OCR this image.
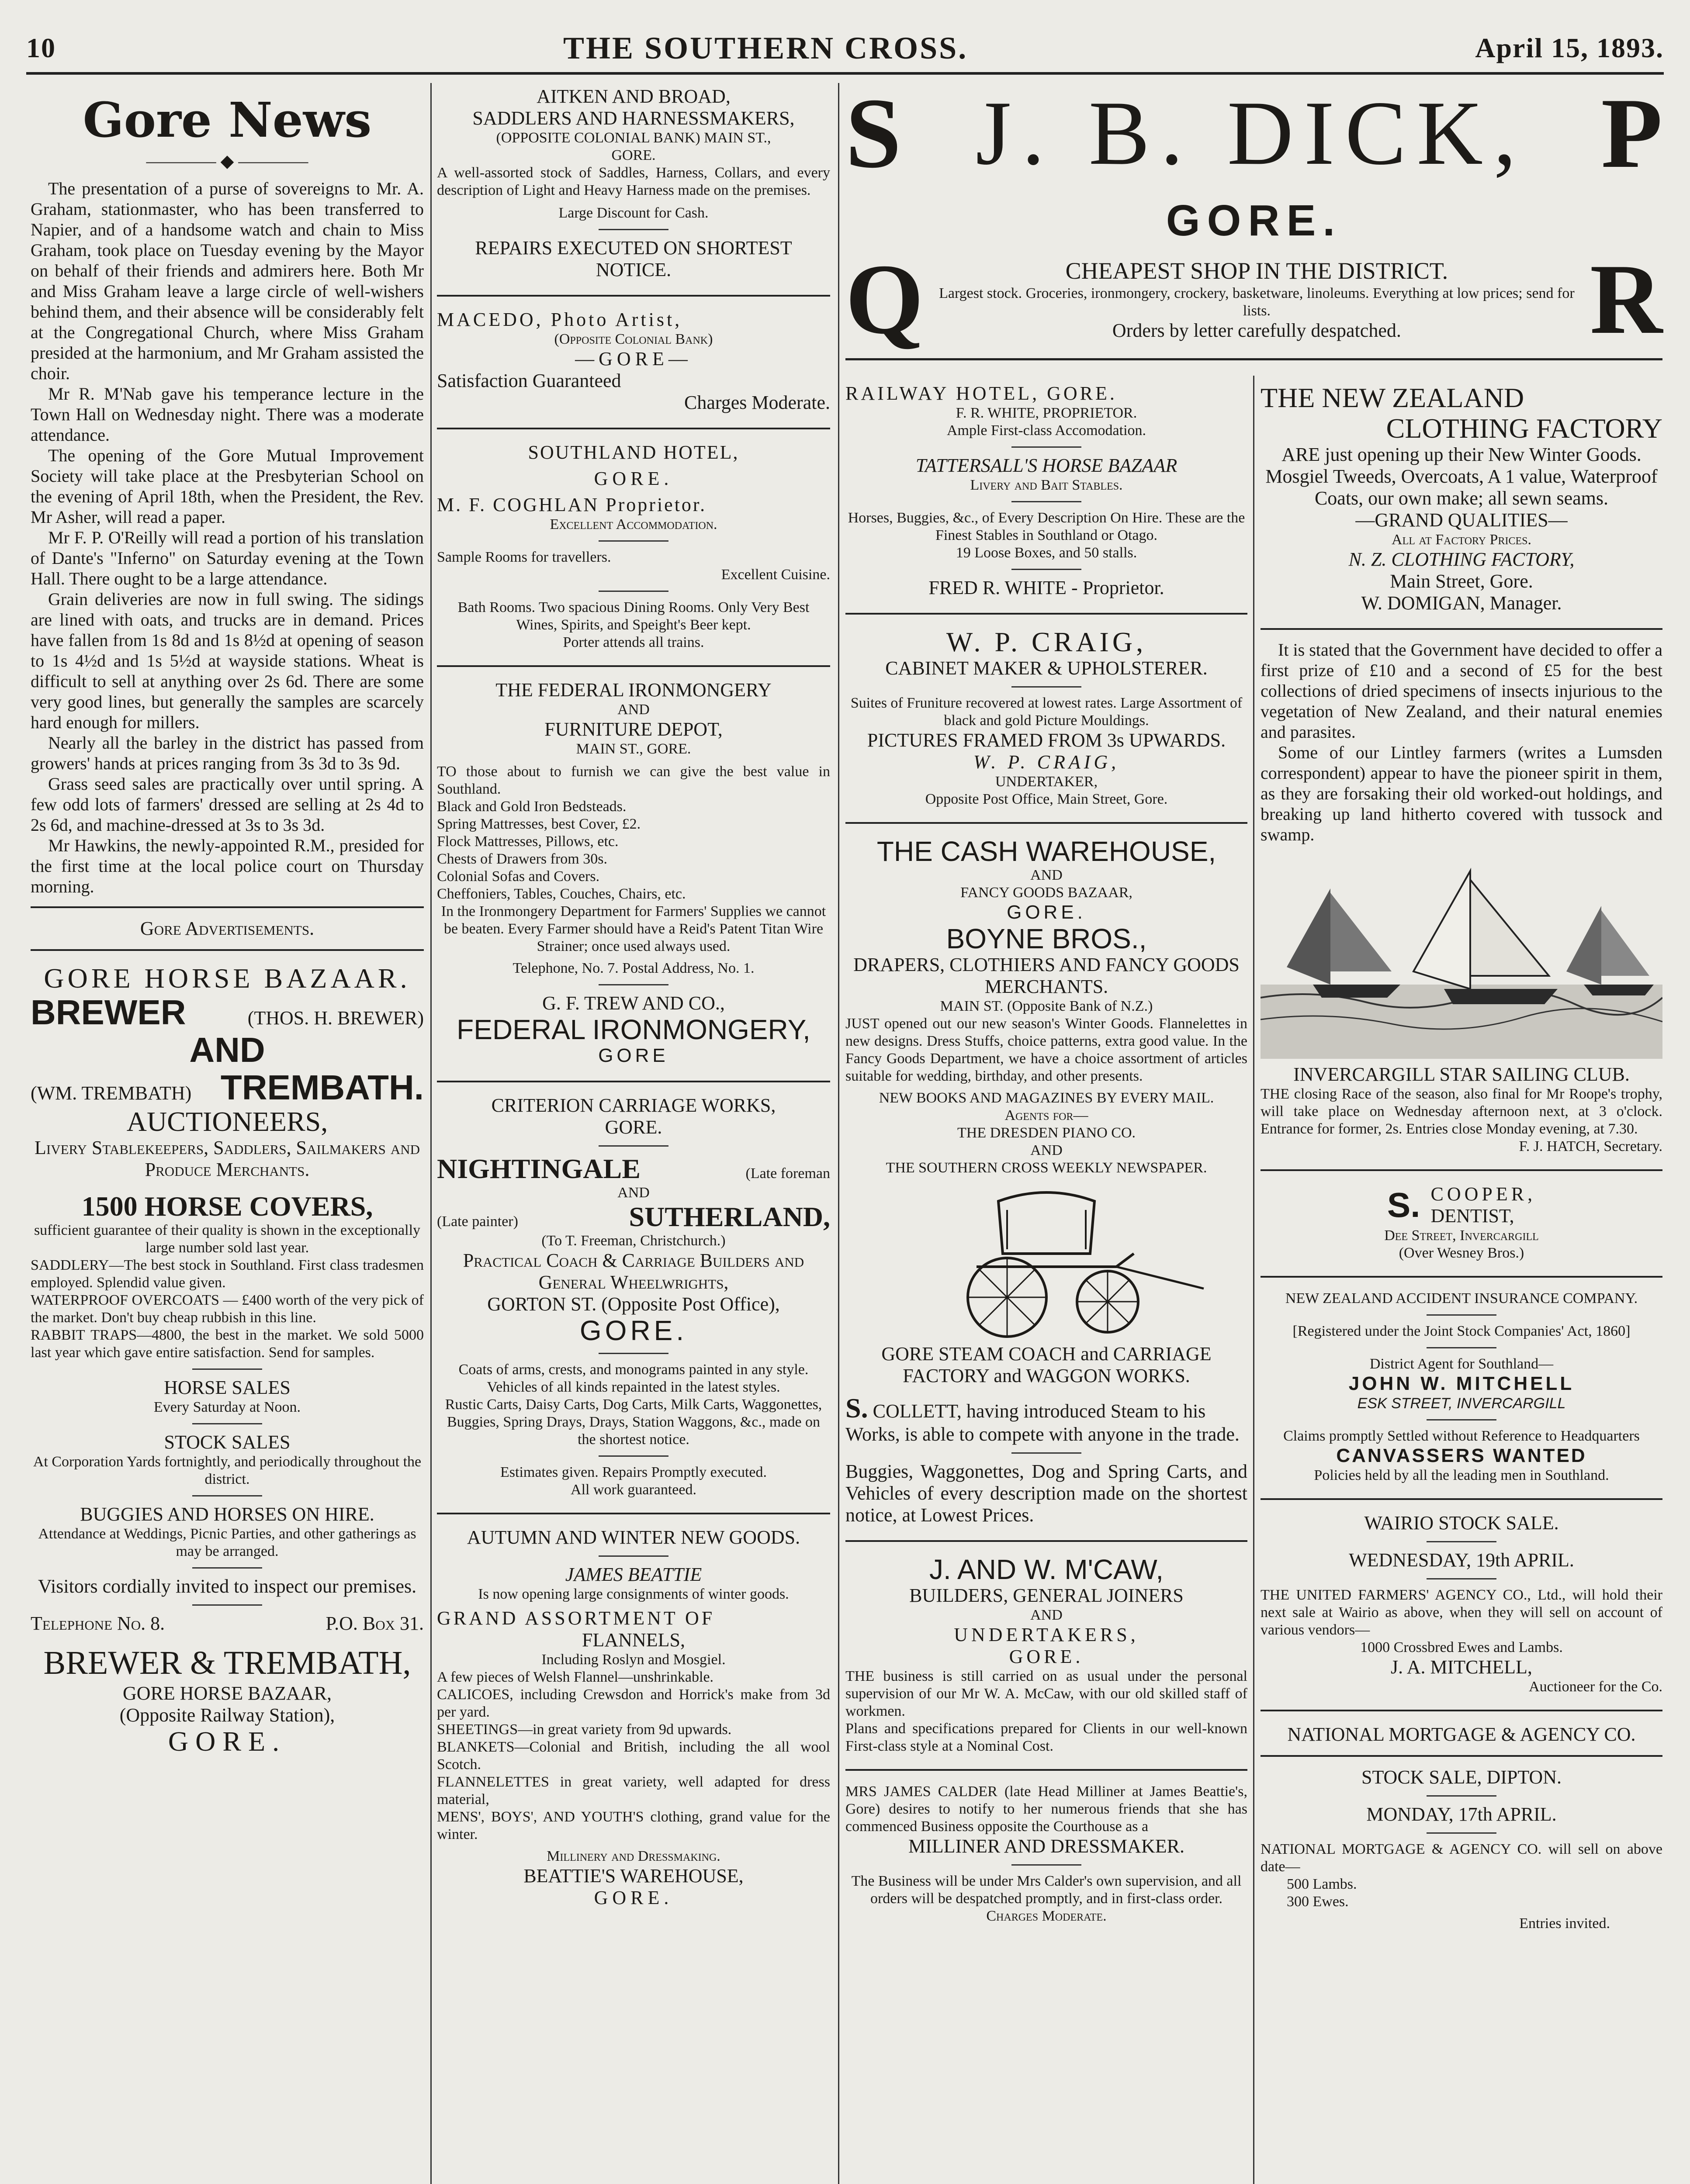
10	THE SOUTHERN CROSS.	April 15, 1893.
Gore News
———— ◆ ————

The presentation of a purse of sovereigns to Mr. A. Graham, stationmaster, who has been transferred to Napier, and of a handsome watch and chain to Miss Graham, took place on Tuesday evening by the Mayor on behalf of their friends and admirers here. Both Mr and Miss Graham leave a large circle of well-wishers behind them, and their absence will be considerably felt at the Congregational Church, where Miss Graham presided at the harmonium, and Mr Graham assisted the choir.

Mr R. M'Nab gave his temperance lecture in the Town Hall on Wednesday night. There was a moderate attendance.

The opening of the Gore Mutual Improvement Society will take place at the Presbyterian School on the evening of April 18th, when the President, the Rev. Mr Asher, will read a paper.

Mr F. P. O'Reilly will read a portion of his translation of Dante's "Inferno" on Saturday evening at the Town Hall. There ought to be a large attendance.

Grain deliveries are now in full swing. The sidings are lined with oats, and trucks are in demand. Prices have fallen from 1s 8d and 1s 8½d at opening of season to 1s 4½d and 1s 5½d at wayside stations. Wheat is difficult to sell at anything over 2s 6d. There are some very good lines, but generally the samples are scarcely hard enough for millers.

Nearly all the barley in the district has passed from growers' hands at prices ranging from 3s 3d to 3s 9d.

Grass seed sales are practically over until spring. A few odd lots of farmers' dressed are selling at 2s 4d to 2s 6d, and machine-dressed at 3s to 3s 3d.

Mr Hawkins, the newly-appointed R.M., presided for the first time at the local police court on Thursday morning.

Gore Advertisements.

GORE HORSE BAZAAR.

BREWER	(THOS. H. BREWER)

AND

(WM. TREMBATH) TREMBATH.

AUCTIONEERS,

Livery Stablekeepers, Saddlers, Sailmakers and Produce Merchants.

1500 HORSE COVERS,

sufficient guarantee of their quality is shown in the exceptionally large number sold last year.

SADDLERY—The best stock in Southland. First class tradesmen employed. Splendid value given.

WATERPROOF OVERCOATS — £400 worth of the very pick of the market. Don't buy cheap rubbish in this line.

RABBIT TRAPS—4800, the best in the market. We sold 5000 last year which gave entire satisfaction. Send for samples.

HORSE SALES

Every Saturday at Noon.

STOCK SALES

At Corporation Yards fortnightly, and periodically throughout the district.

BUGGIES AND HORSES ON HIRE.

Attendance at Weddings, Picnic Parties, and other gatherings as may be arranged.

Visitors cordially invited to inspect our premises.

Telephone No. 8.	P.O. Box 31.

BREWER & TREMBATH,

GORE HORSE BAZAAR,

(Opposite Railway Station),

GORE.

AITKEN AND BROAD,

SADDLERS AND HARNESSMAKERS,

(OPPOSITE COLONIAL BANK) MAIN ST.,

GORE.

A well-assorted stock of Saddles, Harness, Collars, and every description of Light and Heavy Harness made on the premises.

Large Discount for Cash.

REPAIRS EXECUTED ON SHORTEST NOTICE.

MACEDO, Photo Artist,

(Opposite Colonial Bank)

—GORE—

Satisfaction Guaranteed

Charges Moderate.

SOUTHLAND HOTEL,

GORE.

M. F. COGHLAN Proprietor.

Excellent Accommodation.

Sample Rooms for travellers.

Excellent Cuisine.

Bath Rooms. Two spacious Dining Rooms. Only Very Best Wines, Spirits, and Speight's Beer kept.

Porter attends all trains.

THE FEDERAL IRONMONGERY

AND

FURNITURE DEPOT,

MAIN ST., GORE.

TO those about to furnish we can give the best value in Southland.

Black and Gold Iron Bedsteads.

Spring Mattresses, best Cover, £2.

Flock Mattresses, Pillows, etc.

Chests of Drawers from 30s.

Colonial Sofas and Covers.

Cheffoniers, Tables, Couches, Chairs, etc.

In the Ironmongery Department for Farmers' Supplies we cannot be beaten. Every Farmer should have a Reid's Patent Titan Wire Strainer; once used always used.

Telephone, No. 7. Postal Address, No. 1.

G. F. TREW AND CO.,

FEDERAL IRONMONGERY,

GORE

CRITERION CARRIAGE WORKS,

GORE.

NIGHTINGALE	(Late foreman

AND

(Late painter)	SUTHERLAND,

(To T. Freeman, Christchurch.)

Practical Coach & Carriage Builders and General Wheelwrights,

GORTON ST. (Opposite Post Office),

GORE.

Coats of arms, crests, and monograms painted in any style.

Vehicles of all kinds repainted in the latest styles.

Rustic Carts, Daisy Carts, Dog Carts, Milk Carts, Waggonettes, Buggies, Spring Drays, Drays, Station Waggons, &c., made on the shortest notice.

Estimates given. Repairs Promptly executed.

All work guaranteed.

AUTUMN AND WINTER NEW GOODS.

JAMES BEATTIE

Is now opening large consignments of winter goods.

GRAND ASSORTMENT OF

FLANNELS,

Including Roslyn and Mosgiel.

A few pieces of Welsh Flannel—unshrinkable.

CALICOES, including Crewsdon and Horrick's make from 3d per yard.

SHEETINGS—in great variety from 9d upwards.

BLANKETS—Colonial and British, including the all wool Scotch.

FLANNELETTES in great variety, well adapted for dress material,

MENS', BOYS', AND YOUTH'S clothing, grand value for the winter.

Millinery and Dressmaking.

BEATTIE'S WAREHOUSE,

GORE.

S J. B. DICK, P

GORE.

Q	CHEAPEST SHOP IN THE DISTRICT.

Largest stock. Groceries, ironmongery, crockery, basketware, linoleums. Everything at low prices; send for lists.

Orders by letter carefully despatched.	R

RAILWAY HOTEL, GORE.

F. R. WHITE, PROPRIETOR.

Ample First-class Accomodation.

TATTERSALL'S HORSE BAZAAR

Livery and Bait Stables.

Horses, Buggies, &c., of Every Description On Hire. These are the Finest Stables in Southland or Otago.

19 Loose Boxes, and 50 stalls.

FRED R. WHITE - Proprietor.

W. P. CRAIG,

CABINET MAKER & UPHOLSTERER.

Suites of Fruniture recovered at lowest rates. Large Assortment of black and gold Picture Mouldings.

PICTURES FRAMED FROM 3s UPWARDS.

W. P. CRAIG,

UNDERTAKER,

Opposite Post Office, Main Street, Gore.

THE CASH WAREHOUSE,

AND

FANCY GOODS BAZAAR,

GORE.

BOYNE BROS.,

DRAPERS, CLOTHIERS AND FANCY GOODS MERCHANTS.

MAIN ST. (Opposite Bank of N.Z.)

JUST opened out our new season's Winter Goods. Flannelettes in new designs. Dress Stuffs, choice patterns, extra good value. In the Fancy Goods Department, we have a choice assortment of articles suitable for wedding, birthday, and other presents.

NEW BOOKS AND MAGAZINES BY EVERY MAIL.

Agents for—

THE DRESDEN PIANO CO.

AND

THE SOUTHERN CROSS WEEKLY NEWSPAPER.

GORE STEAM COACH and CARRIAGE FACTORY and WAGGON WORKS.

S. COLLETT, having introduced Steam to his Works, is able to compete with anyone in the trade.

Buggies, Waggonettes, Dog and Spring Carts, and Vehicles of every description made on the shortest notice, at Lowest Prices.

J. AND W. M'CAW,

BUILDERS, GENERAL JOINERS

AND

UNDERTAKERS,

GORE.

THE business is still carried on as usual under the personal supervision of our Mr W. A. McCaw, with our old skilled staff of workmen.

Plans and specifications prepared for Clients in our well-known First-class style at a Nominal Cost.

MRS JAMES CALDER (late Head Milliner at James Beattie's, Gore) desires to notify to her numerous friends that she has commenced Business opposite the Courthouse as a

MILLINER AND DRESSMAKER.

The Business will be under Mrs Calder's own supervision, and all orders will be despatched promptly, and in first-class order.

Charges Moderate.

THE NEW ZEALAND

CLOTHING FACTORY

ARE just opening up their New Winter Goods.

Mosgiel Tweeds, Overcoats, A 1 value, Waterproof Coats, our own make; all sewn seams.

—GRAND QUALITIES—

All at Factory Prices.

N. Z. CLOTHING FACTORY,

Main Street, Gore.

W. DOMIGAN, Manager.

It is stated that the Government have decided to offer a first prize of £10 and a second of £5 for the best collections of dried specimens of insects injurious to the vegetation of New Zealand, and their natural enemies and parasites.

Some of our Lintley farmers (writes a Lumsden correspondent) appear to have the pioneer spirit in them, as they are forsaking their old worked-out holdings, and breaking up land hitherto covered with tussock and swamp.

INVERCARGILL STAR SAILING CLUB.

THE closing Race of the season, also final for Mr Roope's trophy, will take place on Wednesday afternoon next, at 3 o'clock. Entrance for former, 2s. Entries close Monday evening, at 7.30.

F. J. HATCH, Secretary.

S. COOPER,

DENTIST,

Dee Street, Invercargill

(Over Wesney Bros.)

NEW ZEALAND ACCIDENT INSURANCE COMPANY.

[Registered under the Joint Stock Companies' Act, 1860]

District Agent for Southland—

JOHN W. MITCHELL

ESK STREET, INVERCARGILL

Claims promptly Settled without Reference to Headquarters

CANVASSERS WANTED

Policies held by all the leading men in Southland.

WAIRIO STOCK SALE.

WEDNESDAY, 19th APRIL.

THE UNITED FARMERS' AGENCY CO., Ltd., will hold their next sale at Wairio as above, when they will sell on account of various vendors—

1000 Crossbred Ewes and Lambs.

J. A. MITCHELL,

Auctioneer for the Co.

NATIONAL MORTGAGE & AGENCY CO.

STOCK SALE, DIPTON.

MONDAY, 17th APRIL.

NATIONAL MORTGAGE & AGENCY CO. will sell on above date—

500 Lambs.

300 Ewes.

Entries invited.
